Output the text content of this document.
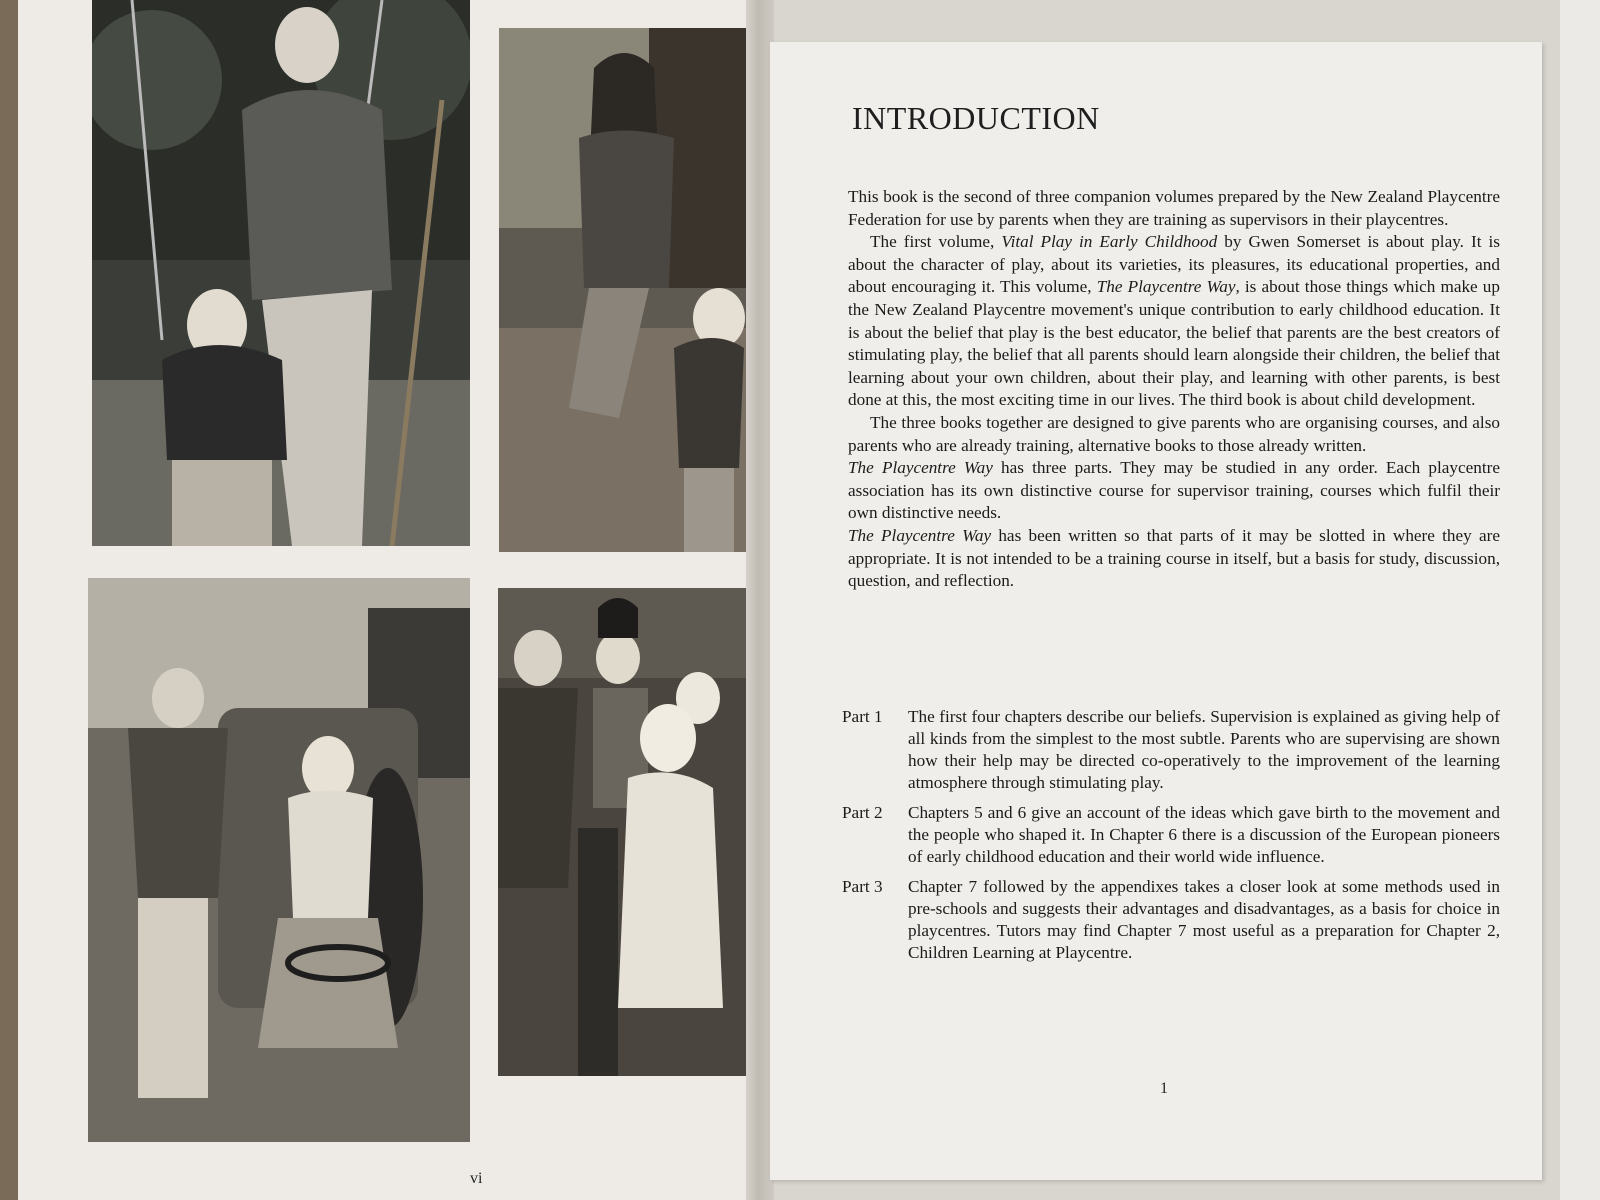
vi
INTRODUCTION

This book is the second of three companion volumes prepared by the New Zealand Playcentre Federation for use by parents when they are training as supervisors in their playcentres.

The first volume, Vital Play in Early Childhood by Gwen Somerset is about play. It is about the character of play, about its varieties, its pleasures, its educational properties, and about encouraging it. This volume, The Playcentre Way, is about those things which make up the New Zealand Playcentre movement's unique contribution to early childhood education. It is about the belief that play is the best educator, the belief that parents are the best creators of stimulating play, the belief that all parents should learn alongside their children, the belief that learning about your own children, about their play, and learning with other parents, is best done at this, the most exciting time in our lives. The third book is about child development.

The three books together are designed to give parents who are organising courses, and also parents who are already training, alternative books to those already written.

The Playcentre Way has three parts. They may be studied in any order. Each playcentre association has its own distinctive course for supervisor training, courses which fulfil their own distinctive needs.

The Playcentre Way has been written so that parts of it may be slotted in where they are appropriate. It is not intended to be a training course in itself, but a basis for study, discussion, question, and reflection.

Part 1	The first four chapters describe our beliefs. Supervision is explained as giving help of all kinds from the simplest to the most subtle. Parents who are supervising are shown how their help may be directed co-operatively to the improvement of the learning atmosphere through stimulating play.
Part 2	Chapters 5 and 6 give an account of the ideas which gave birth to the movement and the people who shaped it. In Chapter 6 there is a discussion of the European pioneers of early childhood education and their world wide influence.
Part 3	Chapter 7 followed by the appendixes takes a closer look at some methods used in pre-schools and suggests their advantages and disadvantages, as a basis for choice in playcentres. Tutors may find Chapter 7 most useful as a preparation for Chapter 2, Children Learning at Playcentre.
1
